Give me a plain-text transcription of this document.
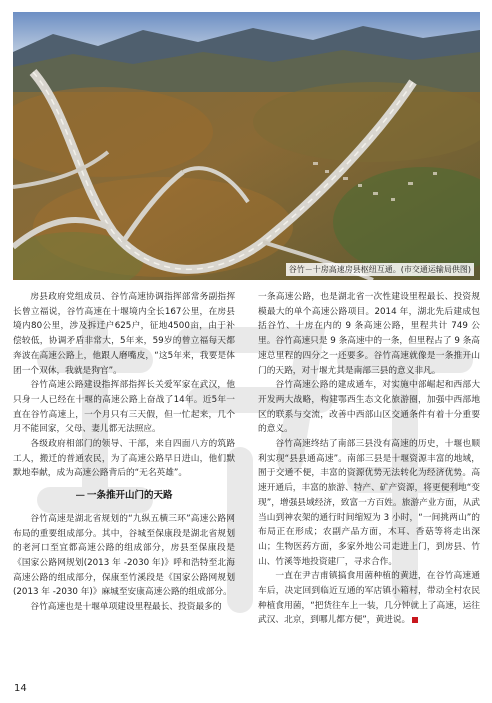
谷竹－十房高速房县枢纽互通。(市交通运输局供图)

房县政府党组成员、谷竹高速协调指挥部常务副指挥长曾立福说，谷竹高速在十堰境内全长167公里，在房县境内80公里，涉及拆迁户625户，征地4500亩，由于补偿较低，协调矛盾非常大，5年来，59岁的曾立福每天都奔波在高速公路上，他跟人磨嘴皮，“这5年来，我要是体团一个双休，我就是狗官”。

谷竹高速公路建设指挥部指挥长关爱军家在武汉，他只身一人已经在十堰的高速公路上奋战了14年。近5年一直在谷竹高速上，一个月只有三天假，但一忙起来，几个月不能回家，父母、妻儿都无法照应。

各级政府相部门的领导、干部，来自四面八方的筑路工人，搬迁的普通农民，为了高速公路早日进山，他们默默地奉献，成为高速公路背后的“无名英雄”。

— 一条推开山门的天路

谷竹高速是湖北省规划的“九纵五横三环”高速公路网布局的重要组成部分。其中，谷城至保康段是湖北省规划的老河口至宜都高速公路的组成部分，房县至保康段是《国家公路网规划(2013 年 -2030 年)》呼和浩特至北海高速公路的组成部分，保康至竹溪段是《国家公路网规划(2013 年 -2030 年)》麻城至安康高速公路的组成部分。

谷竹高速也是十堰单项建设里程最长、投资最多的

一条高速公路，也是湖北省一次性建设里程最长、投资规模最大的单个高速公路项目。2014 年，湖北先后建成包括谷竹、十房在内的 9 条高速公路，里程共计 749 公里。谷竹高速只是 9 条高速中的一条，但里程占了 9 条高速总里程的四分之一还要多。谷竹高速就像是一条推开山门的天路，对十堰尤其是南部三县的意义非凡。

谷竹高速公路的建成通车，对实施中部崛起和西部大开发两大战略，构建鄂西生态文化旅游圈，加强中西部地区的联系与交流，改善中西部山区交通条件有着十分重要的意义。

谷竹高速终结了南部三县没有高速的历史，十堰也顺利实现“县县通高速”。南部三县是十堰资源丰富的地域，囿于交通不便，丰富的资源优势无法转化为经济优势。高速开通后，丰富的旅游、特产、矿产资源，将更便利地“变现”，增强县域经济，致富一方百姓。旅游产业方面，从武当山到神农架的通行时间缩短为 3 小时，“一间挑两山”的布局正在形成；农副产品方面，木耳、香菇等将走出深山；生物医药方面，多家外地公司走进上门，到房县、竹山、竹溪等地投资建厂，寻求合作。

一直在尹吉甫镇搞食用菌种植的黄进，在谷竹高速通车后，决定回到临近互通的军店镇小箱村，带动全村农民种植食用菌，“把货往车上一装，几分钟就上了高速，运往武汉、北京，到哪儿都方便”，黄进说。

14
